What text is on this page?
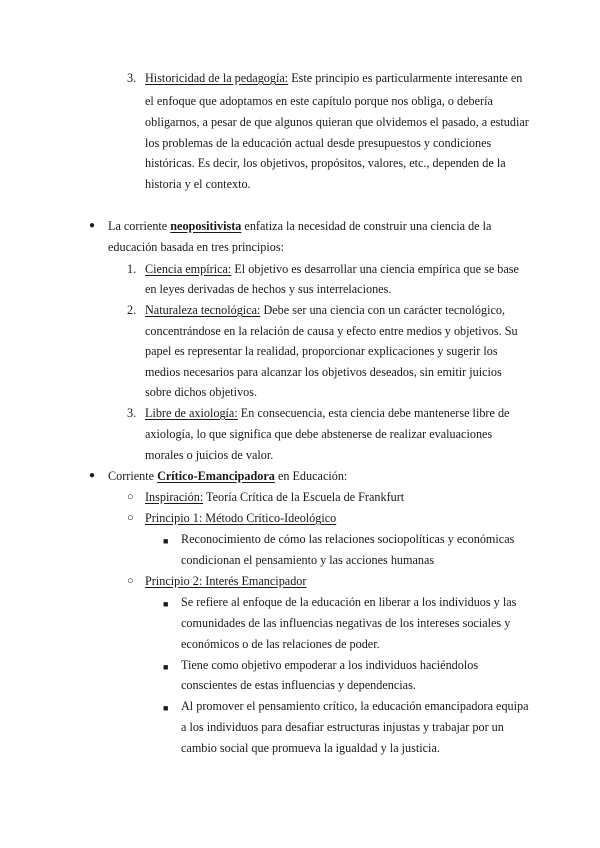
3. Historicidad de la pedagogía: Este principio es particularmente interesante en
el enfoque que adoptamos en este capítulo porque nos obliga, o debería
obligarnos, a pesar de que algunos quieran que olvidemos el pasado, a estudiar
los problemas de la educación actual desde presupuestos y condiciones
históricas. Es decir, los objetivos, propósitos, valores, etc., dependen de la
historia y el contexto.
● La corriente neopositivista enfatiza la necesidad de construir una ciencia de la
educación basada en tres principios:
1. Ciencia empírica: El objetivo es desarrollar una ciencia empírica que se base
en leyes derivadas de hechos y sus interrelaciones.
2. Naturaleza tecnológica: Debe ser una ciencia con un carácter tecnológico,
concentrándose en la relación de causa y efecto entre medios y objetivos. Su
papel es representar la realidad, proporcionar explicaciones y sugerir los
medios necesarios para alcanzar los objetivos deseados, sin emitir juicios
sobre dichos objetivos.
3. Libre de axiología: En consecuencia, esta ciencia debe mantenerse libre de
axiología, lo que significa que debe abstenerse de realizar evaluaciones
morales o juicios de valor.
● Corriente Crítico-Emancipadora en Educación:
○ Inspiración: Teoría Crítica de la Escuela de Frankfurt
○ Principio 1: Método Crítico-Ideológico
■ Reconocimiento de cómo las relaciones sociopolíticas y económicas
condicionan el pensamiento y las acciones humanas
○ Principio 2: Interés Emancipador
■ Se refiere al enfoque de la educación en liberar a los individuos y las
comunidades de las influencias negativas de los intereses sociales y
económicos o de las relaciones de poder.
■ Tiene como objetivo empoderar a los individuos haciéndolos
conscientes de estas influencias y dependencias.
■ Al promover el pensamiento crítico, la educación emancipadora equipa
a los individuos para desafiar estructuras injustas y trabajar por un
cambio social que promueva la igualdad y la justicia.
